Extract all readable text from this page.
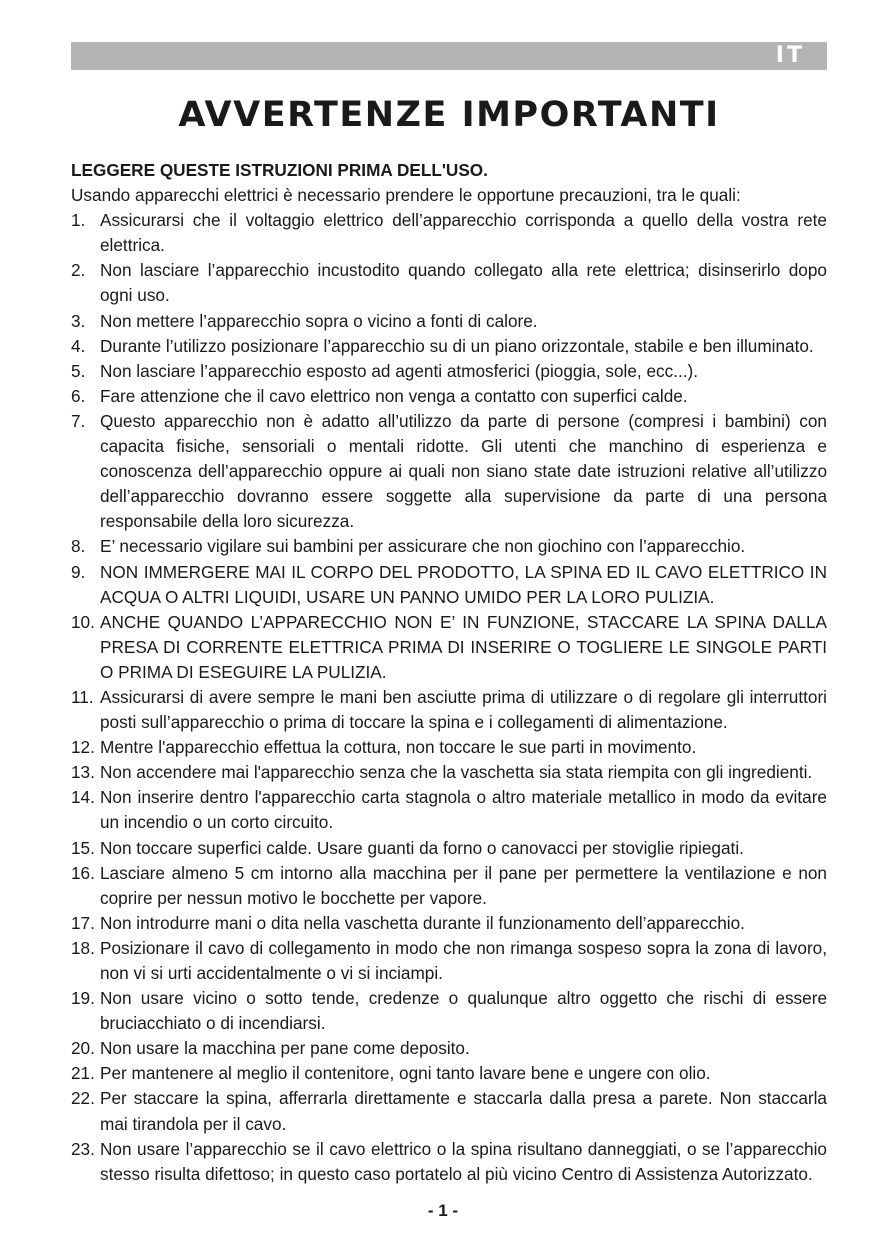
IT
AVVERTENZE IMPORTANTI

LEGGERE QUESTE ISTRUZIONI PRIMA DELL'USO.

Usando apparecchi elettrici è necessario prendere le opportune precauzioni, tra le quali:

1. Assicurarsi che il voltaggio elettrico dell’apparecchio corrisponda a quello della vostra rete elettrica.
2. Non lasciare l’apparecchio incustodito quando collegato alla rete elettrica; disinserirlo dopo ogni uso.
3. Non mettere l’apparecchio sopra o vicino a fonti di calore.
4. Durante l’utilizzo posizionare l’apparecchio su di un piano orizzontale, stabile e ben illuminato.
5. Non lasciare l’apparecchio esposto ad agenti atmosferici (pioggia, sole, ecc...).
6. Fare attenzione che il cavo elettrico non venga a contatto con superfici calde.
7. Questo apparecchio non è adatto all’utilizzo da parte di persone (compresi i bambini) con capacita fisiche, sensoriali o mentali ridotte. Gli utenti che manchino di esperienza e conoscenza dell’apparecchio oppure ai quali non siano state date istruzioni relative all’utilizzo dell’apparecchio dovranno essere soggette alla supervisione da parte di una persona responsabile della loro sicurezza.
8. E’ necessario vigilare sui bambini per assicurare che non giochino con l’apparecchio.
9. NON IMMERGERE MAI IL CORPO DEL PRODOTTO, LA SPINA ED IL CAVO ELETTRICO IN ACQUA O ALTRI LIQUIDI, USARE UN PANNO UMIDO PER LA LORO PULIZIA.
10. ANCHE QUANDO L’APPARECCHIO NON E’ IN FUNZIONE, STACCARE LA SPINA DALLA PRESA DI CORRENTE ELETTRICA PRIMA DI INSERIRE O TOGLIERE LE SINGOLE PARTI O PRIMA DI ESEGUIRE LA PULIZIA.
11. Assicurarsi di avere sempre le mani ben asciutte prima di utilizzare o di regolare gli interruttori posti sull’apparecchio o prima di toccare la spina e i collegamenti di alimentazione.
12. Mentre l'apparecchio effettua la cottura, non toccare le sue parti in movimento.
13. Non accendere mai l'apparecchio senza che la vaschetta sia stata riempita con gli ingredienti.
14. Non inserire dentro l'apparecchio carta stagnola o altro materiale metallico in modo da evitare un incendio o un corto circuito.
15. Non toccare superfici calde. Usare guanti da forno o canovacci per stoviglie ripiegati.
16. Lasciare almeno 5 cm intorno alla macchina per il pane per permettere la ventilazione e non coprire per nessun motivo le bocchette per vapore.
17. Non introdurre mani o dita nella vaschetta durante il funzionamento dell’apparecchio.
18. Posizionare il cavo di collegamento in modo che non rimanga sospeso sopra la zona di lavoro, non vi si urti accidentalmente o vi si inciampi.
19. Non usare vicino o sotto tende, credenze o qualunque altro oggetto che rischi di essere bruciacchiato o di incendiarsi.
20. Non usare la macchina per pane come deposito.
21. Per mantenere al meglio il contenitore, ogni tanto lavare bene e ungere con olio.
22. Per staccare la spina, afferrarla direttamente e staccarla dalla presa a parete. Non staccarla mai tirandola per il cavo.
23. Non usare l’apparecchio se il cavo elettrico o la spina risultano danneggiati, o se l’apparecchio stesso risulta difettoso; in questo caso portatelo al più vicino Centro di Assistenza Autorizzato.
- 1 -
